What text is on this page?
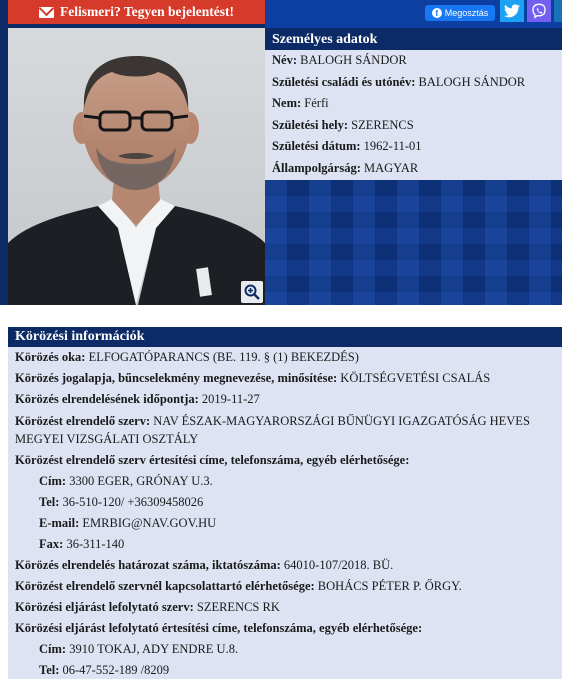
Felismeri? Tegyen bejelentést!	f Megosztás
Személyes adatok
Név: BALOGH SÁNDOR
Születési családi és utónév: BALOGH SÁNDOR
Nem: Férfi
Születési hely: SZERENCS
Születési dátum: 1962-11-01
Állampolgárság: MAGYAR
Körözési információk
Körözés oka: ELFOGATÓPARANCS (BE. 119. § (1) BEKEZDÉS)
Körözés jogalapja, bűncselekmény megnevezése, minősítése: KÖLTSÉGVETÉSI CSALÁS
Körözés elrendelésének időpontja: 2019-11-27
Körözést elrendelő szerv: NAV ÉSZAK-MAGYARORSZÁGI BŰNÜGYI IGAZGATÓSÁG HEVES MEGYEI VIZSGÁLATI OSZTÁLY
Körözést elrendelő szerv értesítési címe, telefonszáma, egyéb elérhetősége:
Cím: 3300 EGER, GRÓNAY U.3.
Tel: 36-510-120/ +36309458026
E-mail: EMRBIG@NAV.GOV.HU
Fax: 36-311-140
Körözés elrendelés határozat száma, iktatószáma: 64010-107/2018. BÜ.
Körözést elrendelő szervnél kapcsolattartó elérhetősége: BOHÁCS PÉTER P. ŐRGY.
Körözési eljárást lefolytató szerv: SZERENCS RK
Körözési eljárást lefolytató értesítési címe, telefonszáma, egyéb elérhetősége:
Cím: 3910 TOKAJ, ADY ENDRE U.8.
Tel: 06-47-552-189 /8209
